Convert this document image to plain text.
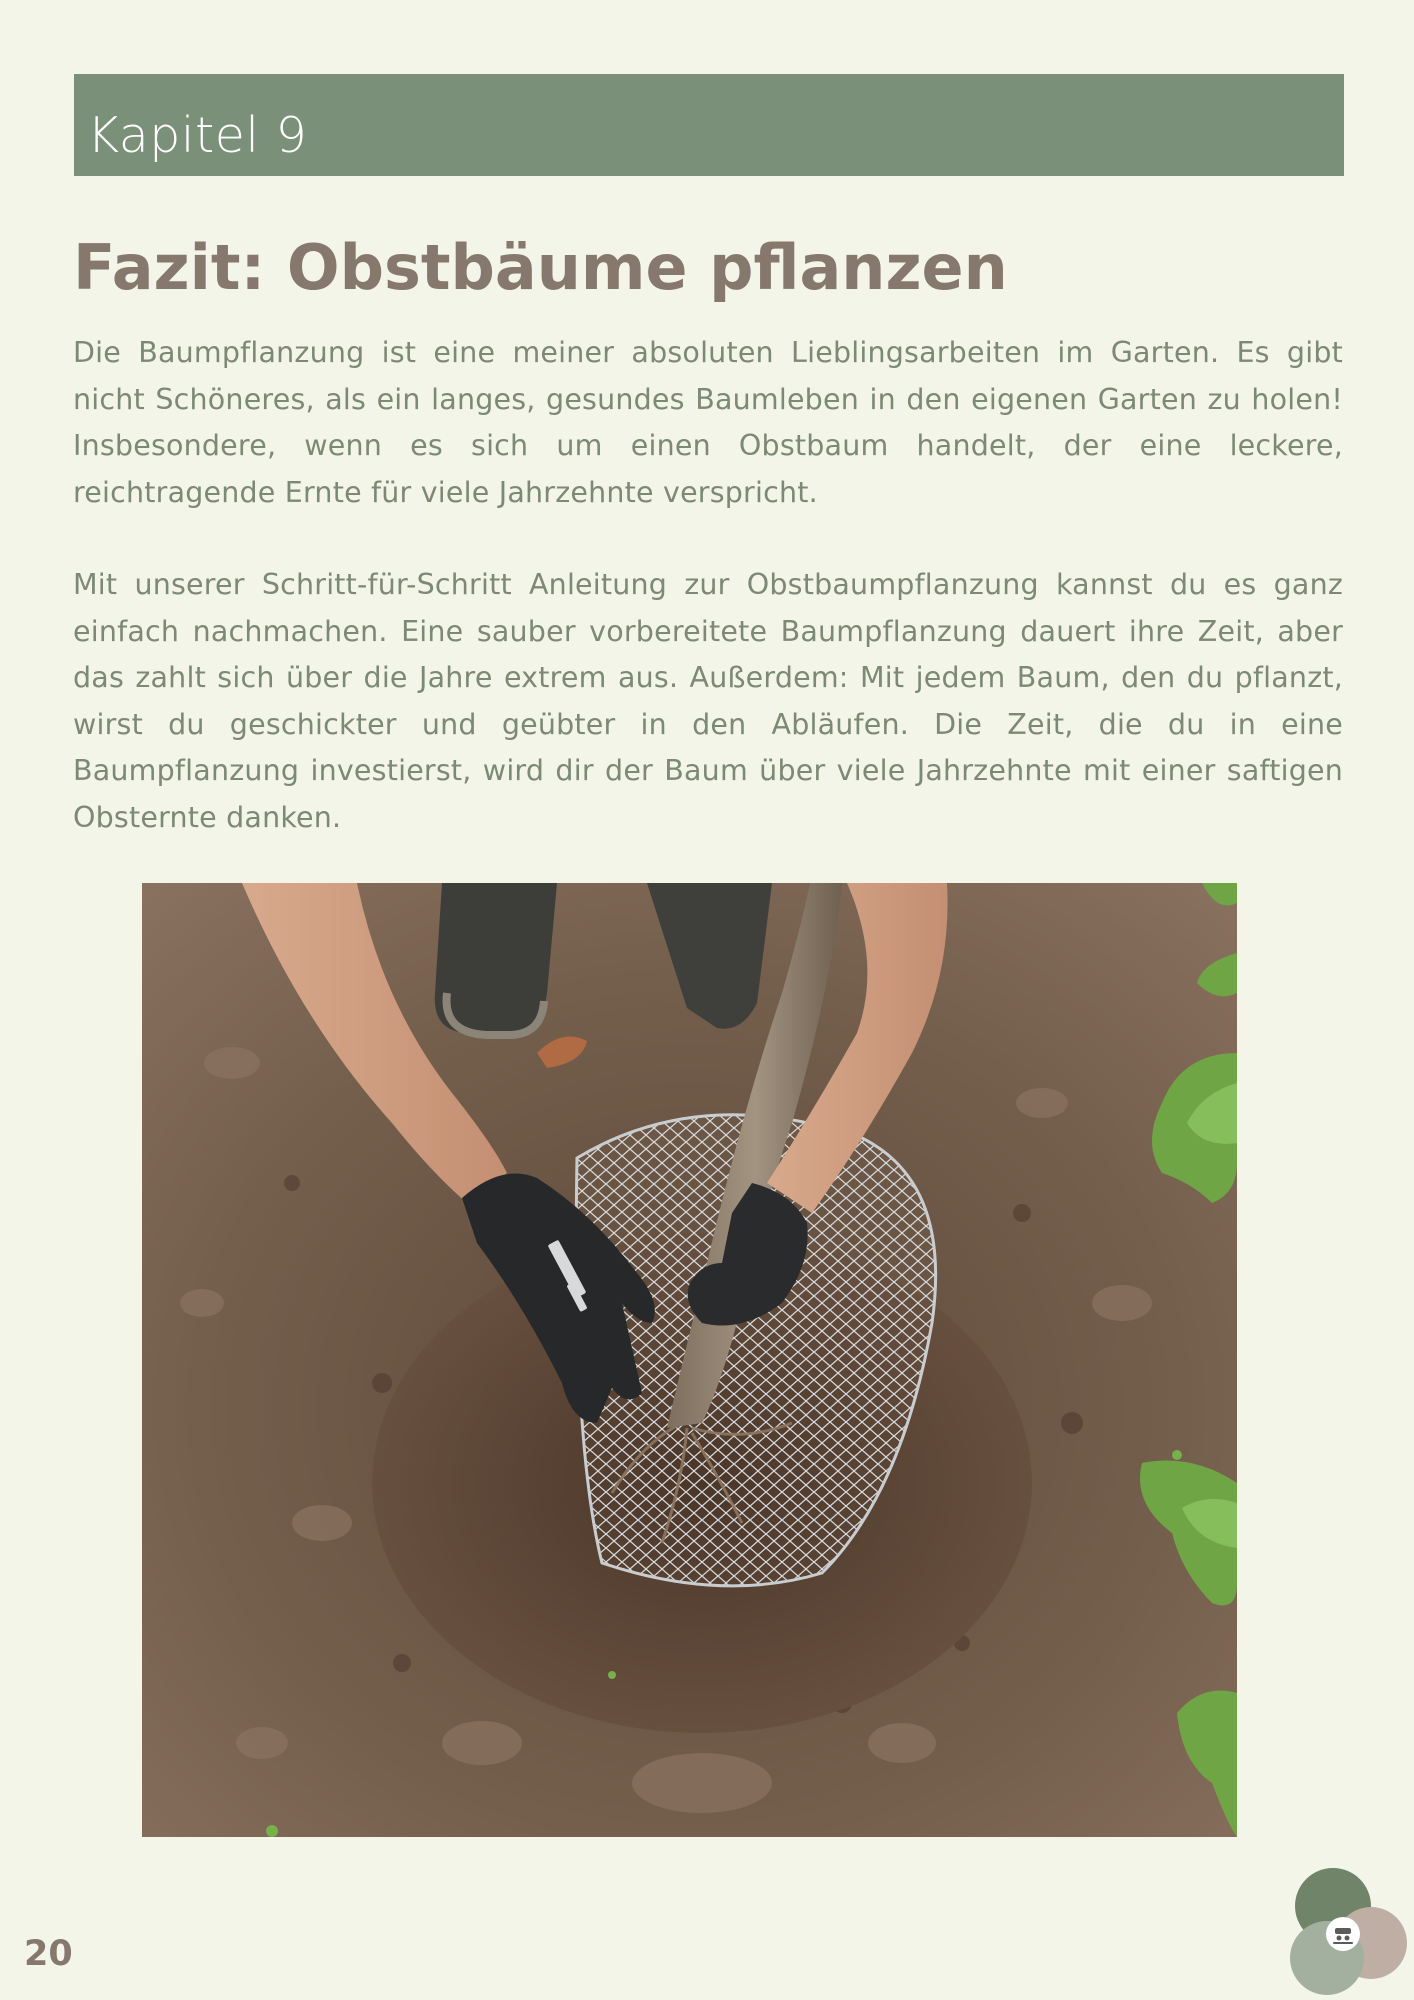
Kapitel 9
Fazit: Obstbäume pflanzen

Die Baumpflanzung ist eine meiner absoluten Lieblingsarbeiten im Garten. Es gibt nicht Schöneres, als ein langes, gesundes Baumleben in den eigenen Garten zu holen! Insbesondere, wenn es sich um einen Obstbaum handelt, der eine leckere, reichtragende Ernte für viele Jahrzehnte verspricht.

Mit unserer Schritt-für-Schritt Anleitung zur Obstbaumpflanzung kannst du es ganz einfach nachmachen. Eine sauber vorbereitete Baumpflanzung dauert ihre Zeit, aber das zahlt sich über die Jahre extrem aus. Außerdem: Mit jedem Baum, den du pflanzt, wirst du geschickter und geübter in den Abläufen. Die Zeit, die du in eine Baumpflanzung investierst, wird dir der Baum über viele Jahrzehnte mit einer saftigen Obsternte danken.

20
